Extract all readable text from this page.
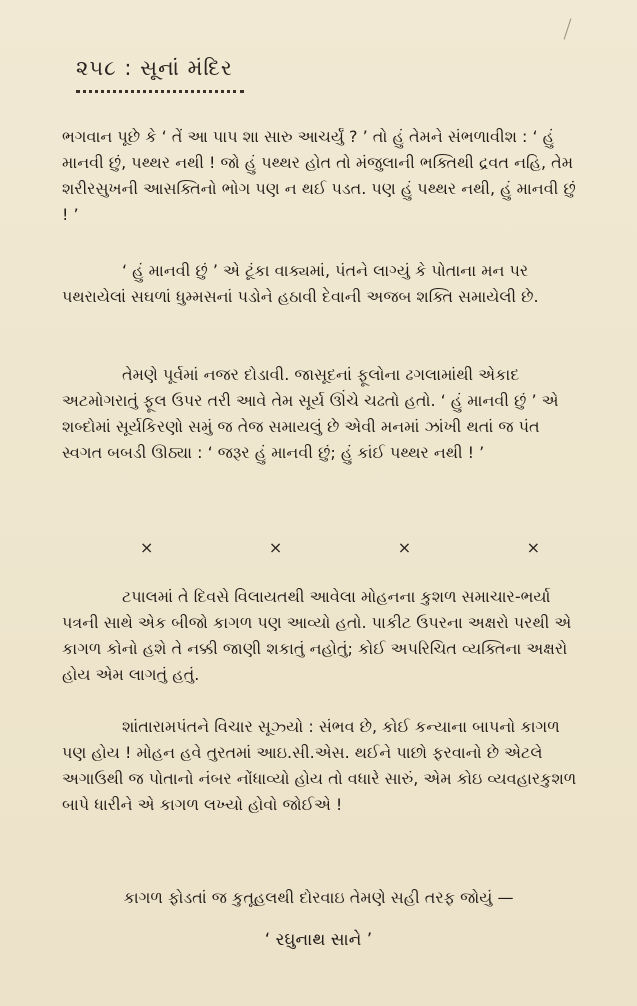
૨૫૮ : સૂનાં મંદિર

ભગવાન પૂછે કે ‘ તેં આ પાપ શા સારુ આચર્યું ? ’ તો હું તેમને સંભળાવીશ : ‘ હું માનવી છું, પથ્થર નથી ! જો હું પથ્થર હોત તો મંજુલાની ભક્તિથી દ્રવત નહિ, તેમ શરીરસુખની આસક્તિનો ભોગ પણ ન થઈ પડત. પણ હું પથ્થર નથી, હું માનવી છું ! ’

‘ હું માનવી છું ’ એ ટૂંકા વાક્યમાં, પંતને લાગ્યું કે પોતાના મન પર પથરાયેલાં સઘળાં ધુમ્મસનાં પડોને હઠાવી દેવાની અજબ શક્તિ સમાયેલી છે.

તેમણે પૂર્વમાં નજર દોડાવી. જાસૂદનાં ફૂલોના ઢગલામાંથી એકાદ અટમોગરાતું ફૂલ ઉપર તરી આવે તેમ સૂર્ય ઊંચે ચઢતો હતો. ‘ હું માનવી છું ’ એ શબ્દોમાં સૂર્યકિરણો સમું જ તેજ સમાયલું છે એવી મનમાં ઝાંખી થતાં જ પંત સ્વગત બબડી ઊઠ્યા : ‘ જરૂર હું માનવી છું; હું કાંઈ પથ્થર નથી ! ’

×	×	×	×

ટપાલમાં તે દિવસે વિલાયતથી આવેલા મોહનના કુશળ સમાચાર-ભર્યા પત્રની સાથે એક બીજો કાગળ પણ આવ્યો હતો. પાકીટ ઉપરના અક્ષરો પરથી એ કાગળ કોનો હશે તે નક્કી જાણી શકાતું નહોતું; કોઈ અપરિચિત વ્યક્તિના અક્ષરો હોય એમ લાગતું હતું.

શાંતારામપંતને વિચાર સૂઝ્યો : સંભવ છે, કોઈ કન્યાના બાપનો કાગળ પણ હોય ! મોહન હવે તુરતમાં આઇ.સી.એસ. થઈને પાછો ફરવાનો છે એટલે અગાઉથી જ પોતાનો નંબર નોંધાવ્યો હોય તો વધારે સારું, એમ કોઇ વ્યવહારકુશળ બાપે ધારીને એ કાગળ લખ્યો હોવો જોઈએ !

કાગળ ફોડતાં જ કુતૂહલથી દોરવાઇ તેમણે સહી તરફ જોયું —
‘ રઘુનાથ સાને ’
